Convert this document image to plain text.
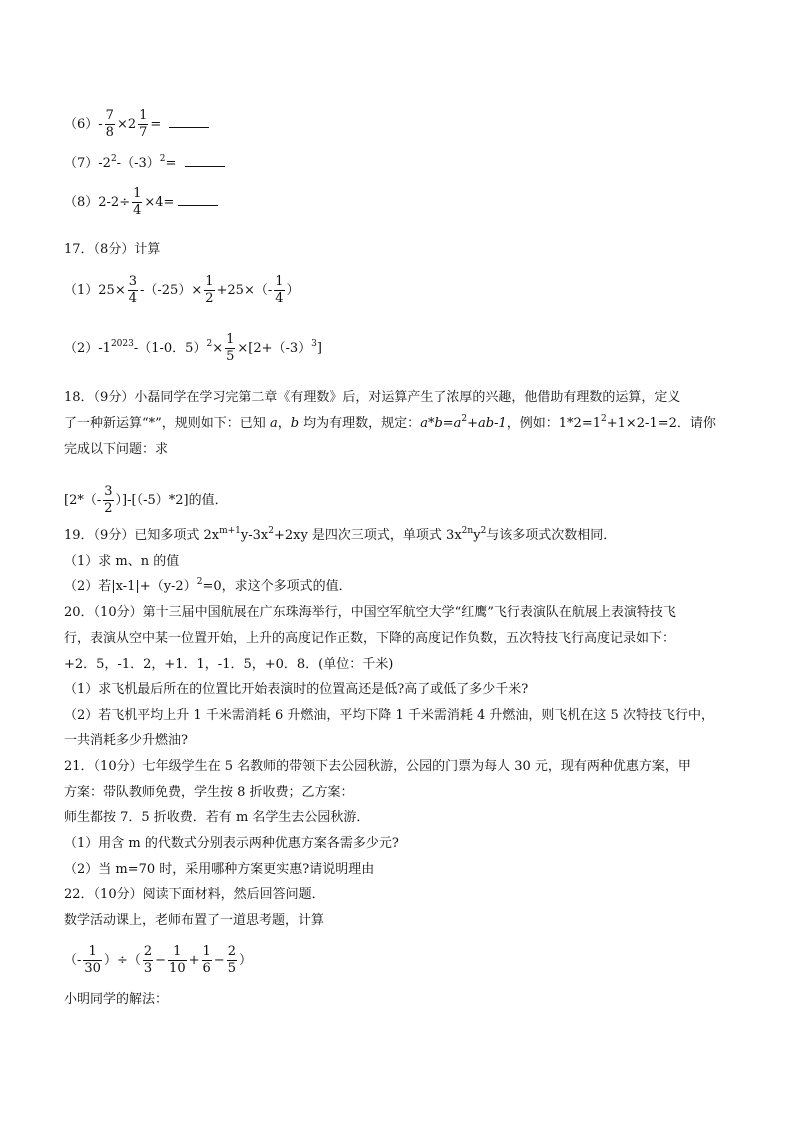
$(6)- \frac{7}{8} \times 2 \frac{1}{7}$ =
$(7)-2^2-(-3)^2=$
$(8)2-2\div \frac{1}{4} \times 4=$
17．（8分）计算
$(1)25\times \frac{3}{4} -(-25)\times \frac{1}{2} +25\times(- \frac{1}{4}$ ）
$(2)-1^{2023}-(1-0$．$5)^2\times \frac{1}{5} \times[2+(-3)^3]$
18．（9分）小磊同学在学习完第二章《有理数》后，对运算产生了浓厚的兴趣，他借助有理数的运算，定义
了一种新运算“*”，规则如下：已知 a，b 均为有理数，规定：$a*b=a^2+ab-1$，例如：$1*2=1^2+1\times 2-1=2$．请你
完成以下问题：求
$[2*(- \frac{3}{2} )]-[(-5)*2]$的值．
19．（9分）已知多项式 $2x^{m+1}y-3x^2+2xy$ 是四次三项式，单项式 $3x^{2n}y^2$与该多项式次数相同．
（1）求 m、n 的值
（2）若$|x-1|+(y-2)^2=0$，求这个多项式的值．
20．（10分）第十三届中国航展在广东珠海举行，中国空军航空大学“红鹰”飞行表演队在航展上表演特技飞
行，表演从空中某一位置开始，上升的高度记作正数，下降的高度记作负数，五次特技飞行高度记录如下：
+2．5，-1．2，+1．1，-1．5，+0．8．(单位：千米)
（1）求飞机最后所在的位置比开始表演时的位置高还是低?高了或低了多少千米?
（2）若飞机平均上升 1 千米需消耗 6 升燃油，平均下降 1 千米需消耗 4 升燃油，则飞机在这 5 次特技飞行中，
一共消耗多少升燃油?
21．（10分）七年级学生在 5 名教师的带领下去公园秋游，公园的门票为每人 30 元，现有两种优惠方案，甲
方案：带队教师免费，学生按 8 折收费；乙方案：
师生都按 7．5 折收费．若有 m 名学生去公园秋游．
（1）用含 m 的代数式分别表示两种优惠方案各需多少元?
（2）当 m=70 时，采用哪种方案更实惠?请说明理由
22．（10分）阅读下面材料，然后回答问题．
数学活动课上，老师布置了一道思考题，计算
（- $\frac{1}{30}$ ）÷（ $\frac{2}{3} - \frac{1}{10} + \frac{1}{6} - \frac{2}{5}$ ）
小明同学的解法：
